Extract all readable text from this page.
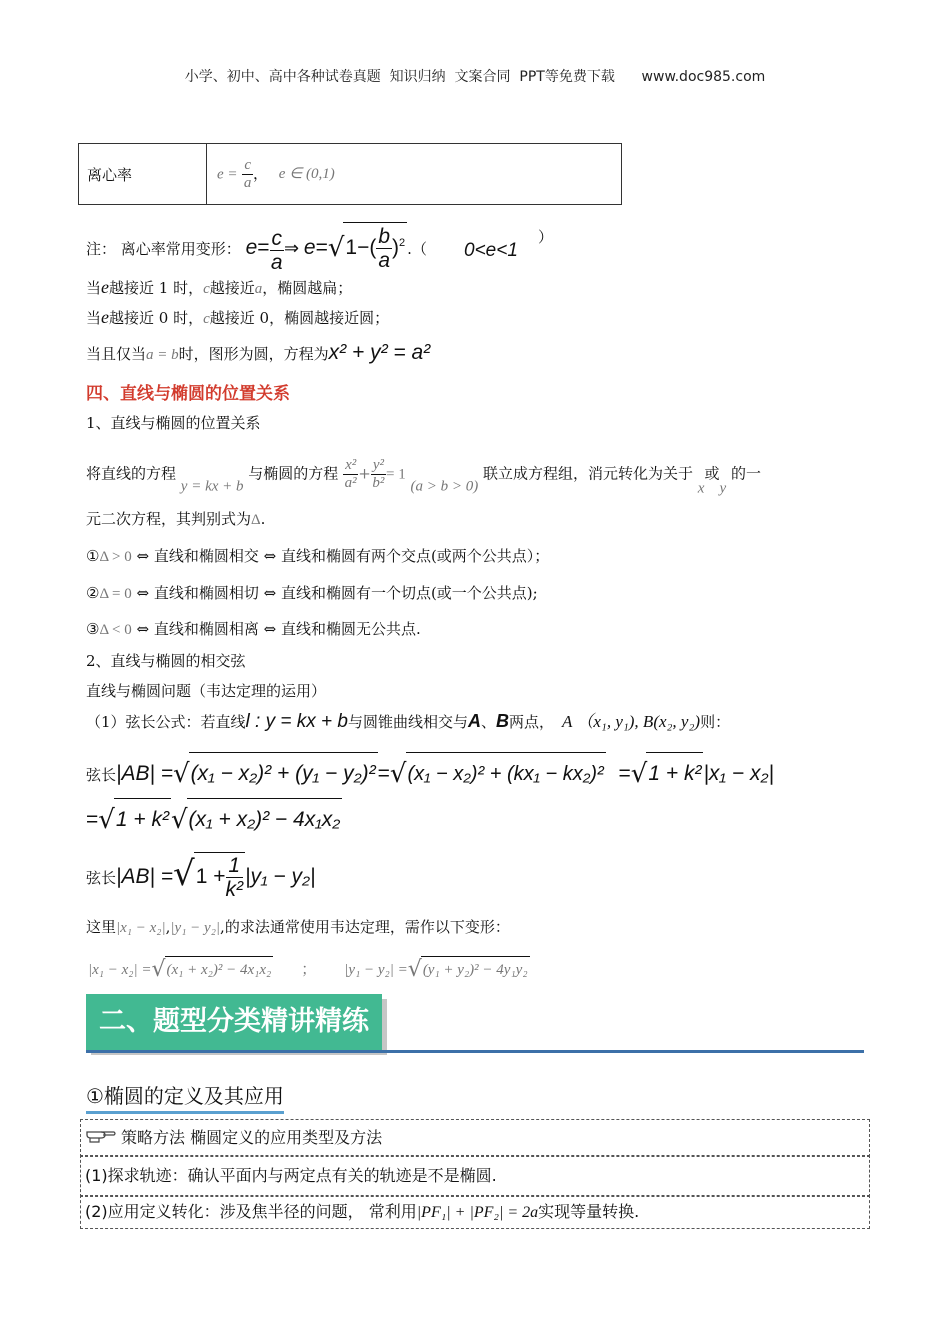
小学、初中、高中各种试卷真题  知识归纳  文案合同  PPT等免费下载      www.doc985.com
离心率	$e = \frac{c}{a}$ ， e ∈ (0,1)
注： 离心率常用变形： $e= \frac{c}{a}$ ⇒ $e=√1-( \frac{b}{a} )^2$ .（ 0<e<1
）
当e越接近 1 时，c越接近a，椭圆越扁；
当e越接近 0 时，c越接近 0，椭圆越接近圆；
当且仅当a = b时，图形为圆，方程为x² + y² = a²
四、直线与椭圆的位置关系
1、直线与椭圆的位置关系
将直线的方程 y = kx + b 与椭圆的方程 $\frac{\text{x²}}{\text{a²}} + \frac{\text{y²}}{\text{b²}} = 1$ (a > b > 0) 联立成方程组，消元转化为关于 x或y 的一
元二次方程，其判别式为Δ.
①Δ > 0 ⇔ 直线和椭圆相交 ⇔ 直线和椭圆有两个交点(或两个公共点）；
②Δ = 0 ⇔ 直线和椭圆相切 ⇔ 直线和椭圆有一个切点(或一个公共点);
③Δ < 0 ⇔ 直线和椭圆相离 ⇔ 直线和椭圆无公共点.
2、直线与椭圆的相交弦
直线与椭圆问题（韦达定理的运用）
（1）弦长公式：若直线l : y = kx + b与圆锥曲线相交与A、B两点， A （x₁, y₁), B(x₂, y₂)则：
弦长|AB| =√(x₁ − x₂)² + (y₁ − y₂)²=√(x₁ − x₂)² + (kx₁ − kx₂)² =√1 + k²|x₁ − x₂|
=√1 + k²√(x₁ + x₂)² − 4x₁x₂
弦长$|AB| =√1 + \frac{1}{\text{k²}} |y_1 - y_2|$
这里|x₁ − x₂|,|y₁ − y₂|,的求法通常使用韦达定理，需作以下变形：
|x₁ − x₂| =√(x₁ + x₂)² − 4x₁x₂ ； |y₁ − y₂| =√(y₁ + y₂)² − 4y₁y₂
二、题型分类精讲精练
①椭圆的定义及其应用
策略方法 椭圆定义的应用类型及方法
(1)探求轨迹：确认平面内与两定点有关的轨迹是不是椭圆.
(2)应用定义转化：涉及焦半径的问题， 常利用|PF₁| + |PF₂| = 2a实现等量转换.
